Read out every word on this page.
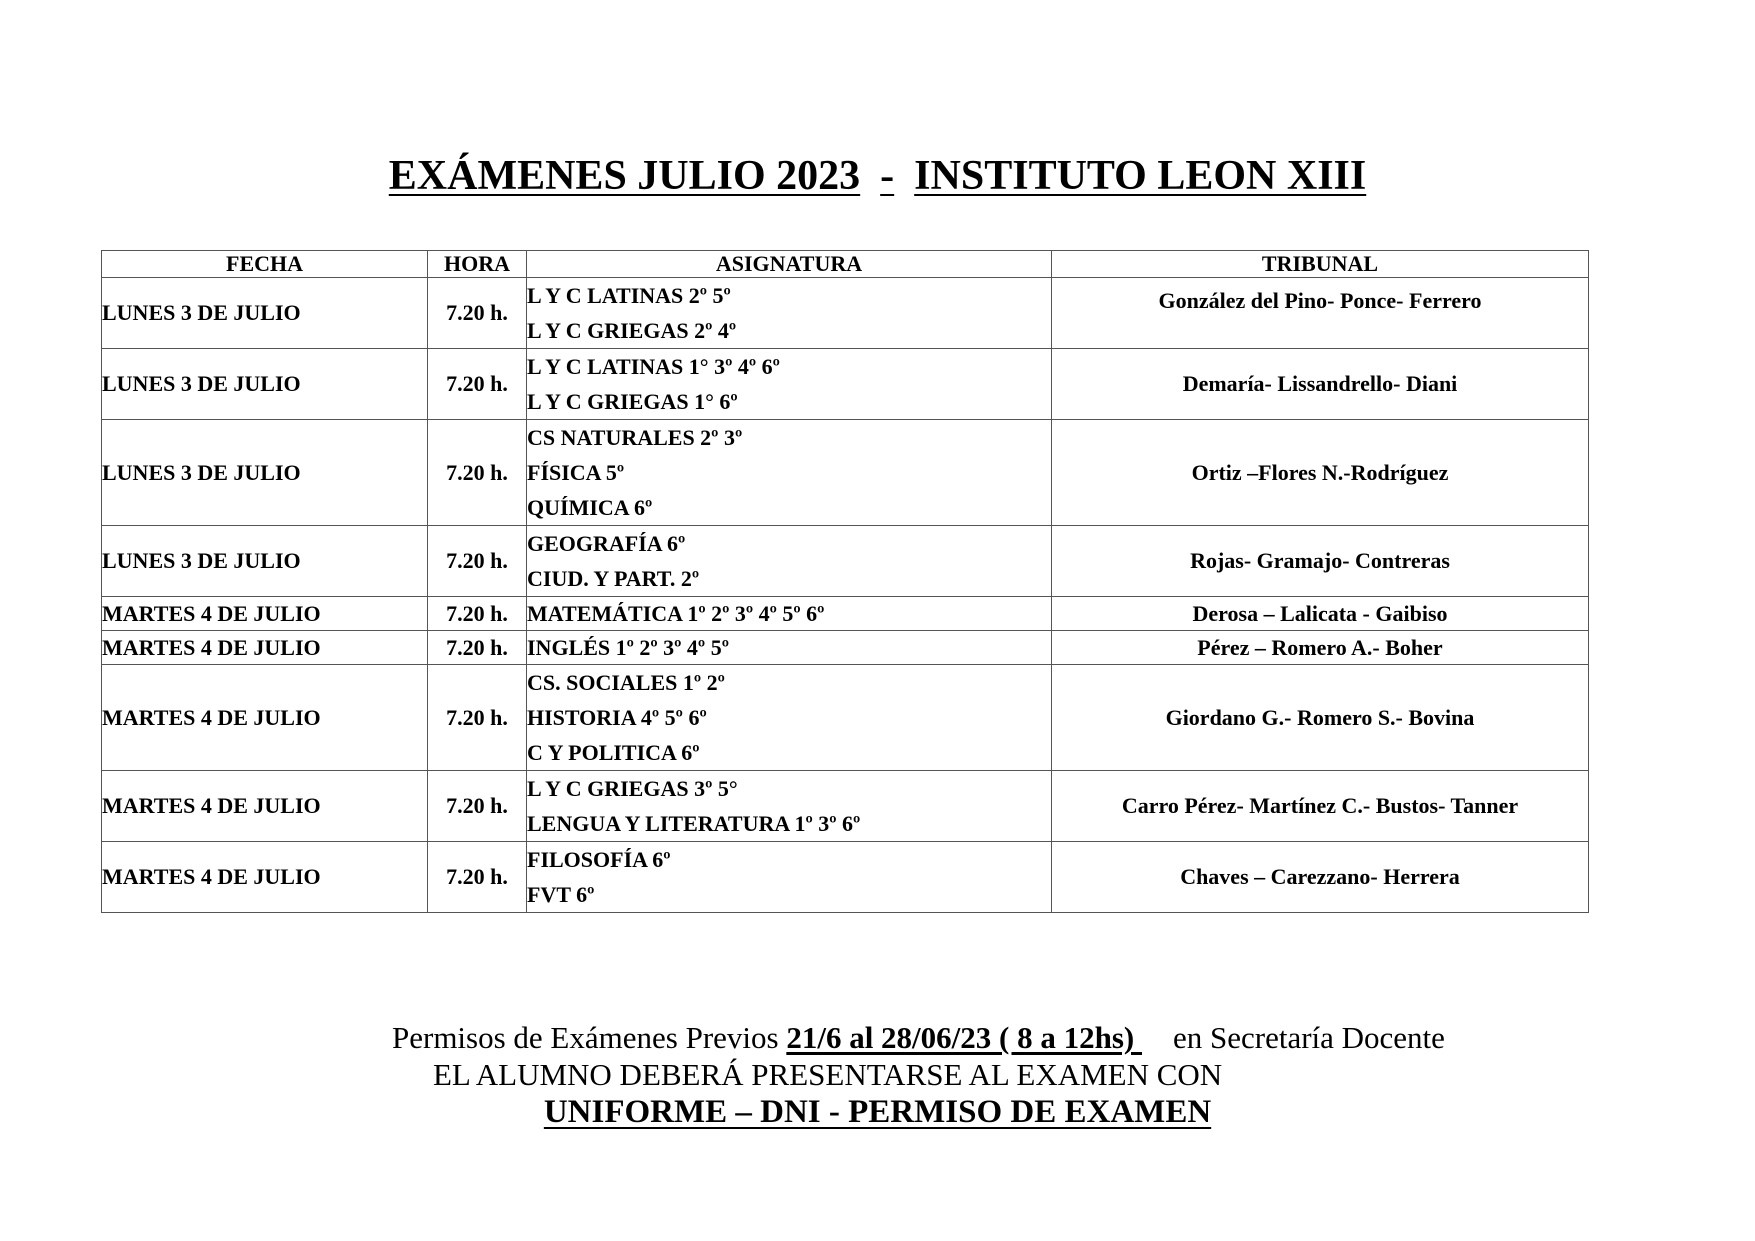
EXÁMENES JULIO 2023 - INSTITUTO LEON XIII
FECHA	HORA	ASIGNATURA	TRIBUNAL
LUNES 3 DE JULIO	7.20 h.	L Y C LATINAS 2º 5º
L Y C GRIEGAS 2º 4º	González del Pino- Ponce- Ferrero
LUNES 3 DE JULIO	7.20 h.	L Y C LATINAS 1° 3º 4º 6º
L Y C GRIEGAS 1° 6º	Demaría- Lissandrello- Diani
LUNES 3 DE JULIO	7.20 h.	CS NATURALES 2º 3º
FÍSICA 5º
QUÍMICA 6º	Ortiz –Flores N.-Rodríguez
LUNES 3 DE JULIO	7.20 h.	GEOGRAFÍA 6º
CIUD. Y PART. 2º	Rojas- Gramajo- Contreras
MARTES 4 DE JULIO	7.20 h.	MATEMÁTICA 1º 2º 3º 4º 5º 6º	Derosa – Lalicata - Gaibiso
MARTES 4 DE JULIO	7.20 h.	INGLÉS 1º 2º 3º 4º 5º	Pérez – Romero A.- Boher
MARTES 4 DE JULIO	7.20 h.	CS. SOCIALES 1º 2º
HISTORIA 4º 5º 6º
C Y POLITICA 6º	Giordano G.- Romero S.- Bovina
MARTES 4 DE JULIO	7.20 h.	L Y C GRIEGAS 3º 5°
LENGUA Y LITERATURA 1º 3º 6º	Carro Pérez- Martínez C.- Bustos- Tanner
MARTES 4 DE JULIO	7.20 h.	FILOSOFÍA 6º
FVT 6º	Chaves – Carezzano- Herrera
Permisos de Exámenes Previos 21/6 al 28/06/23 ( 8 a 12hs)     en Secretaría Docente
EL ALUMNO DEBERÁ PRESENTARSE AL EXAMEN CON
UNIFORME – DNI - PERMISO DE EXAMEN
